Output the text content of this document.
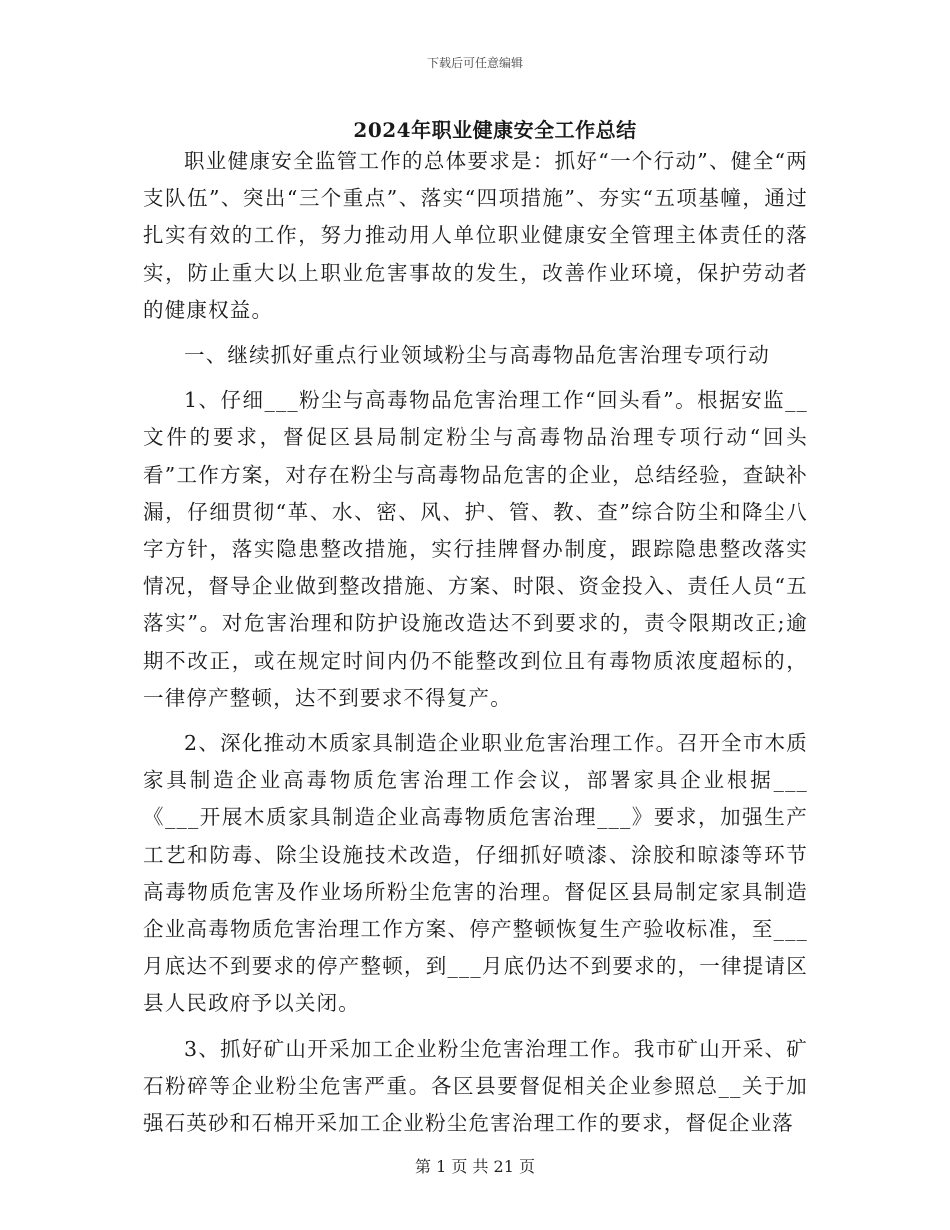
下载后可任意编辑
2024年职业健康安全工作总结

职业健康安全监管工作的总体要求是：抓好“一个行动”、健全“两支队伍”、突出“三个重点”、落实“四项措施”、夯实“五项基幢，通过扎实有效的工作，努力推动用人单位职业健康安全管理主体责任的落实，防止重大以上职业危害事故的发生，改善作业环境，保护劳动者的健康权益。

一、继续抓好重点行业领域粉尘与高毒物品危害治理专项行动

1、仔细___粉尘与高毒物品危害治理工作“回头看”。根据安监__文件的要求，督促区县局制定粉尘与高毒物品治理专项行动“回头看”工作方案，对存在粉尘与高毒物品危害的企业，总结经验，查缺补漏，仔细贯彻“革、水、密、风、护、管、教、查”综合防尘和降尘八字方针，落实隐患整改措施，实行挂牌督办制度，跟踪隐患整改落实情况，督导企业做到整改措施、方案、时限、资金投入、责任人员“五落实”。对危害治理和防护设施改造达不到要求的，责令限期改正;逾期不改正，或在规定时间内仍不能整改到位且有毒物质浓度超标的，一律停产整顿，达不到要求不得复产。

2、深化推动木质家具制造企业职业危害治理工作。召开全市木质家具制造企业高毒物质危害治理工作会议，部署家具企业根据___《___开展木质家具制造企业高毒物质危害治理___》要求，加强生产工艺和防毒、除尘设施技术改造，仔细抓好喷漆、涂胶和晾漆等环节高毒物质危害及作业场所粉尘危害的治理。督促区县局制定家具制造企业高毒物质危害治理工作方案、停产整顿恢复生产验收标准，至___月底达不到要求的停产整顿，到___月底仍达不到要求的，一律提请区县人民政府予以关闭。

3、抓好矿山开采加工企业粉尘危害治理工作。我市矿山开采、矿石粉碎等企业粉尘危害严重。各区县要督促相关企业参照总__关于加强石英砂和石棉开采加工企业粉尘危害治理工作的要求，督促企业落

第 1 页 共 21 页
